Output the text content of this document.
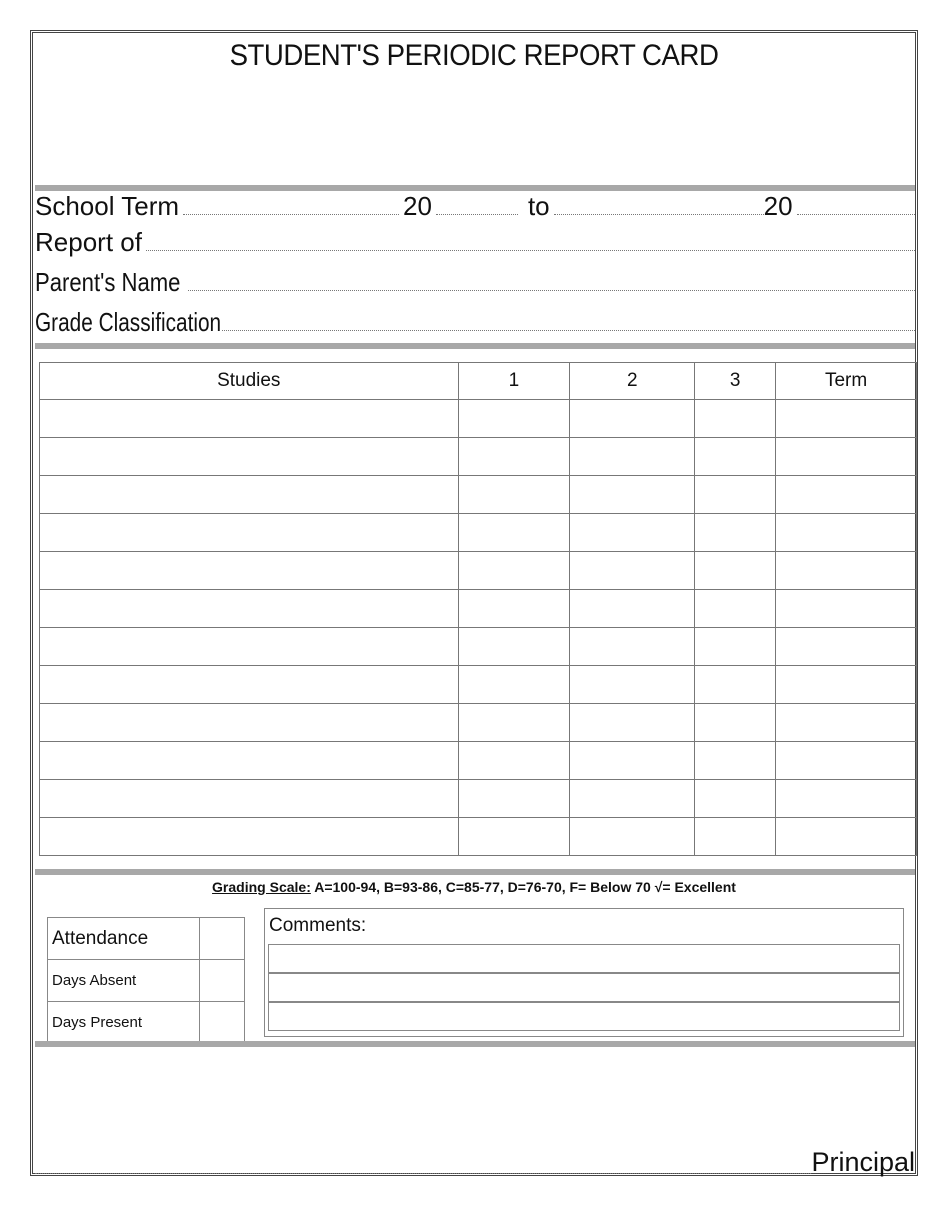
STUDENT'S PERIODIC REPORT CARD
School Term	20	to	20
Report of
Parent's Name
Grade Classification
Studies	1	2	3	Term

Grading Scale: A=100-94, B=93-86, C=85-77, D=76-70, F= Below 70 √= Excellent
Attendance	
Days Absent	
Days Present	
Comments:
Principal
